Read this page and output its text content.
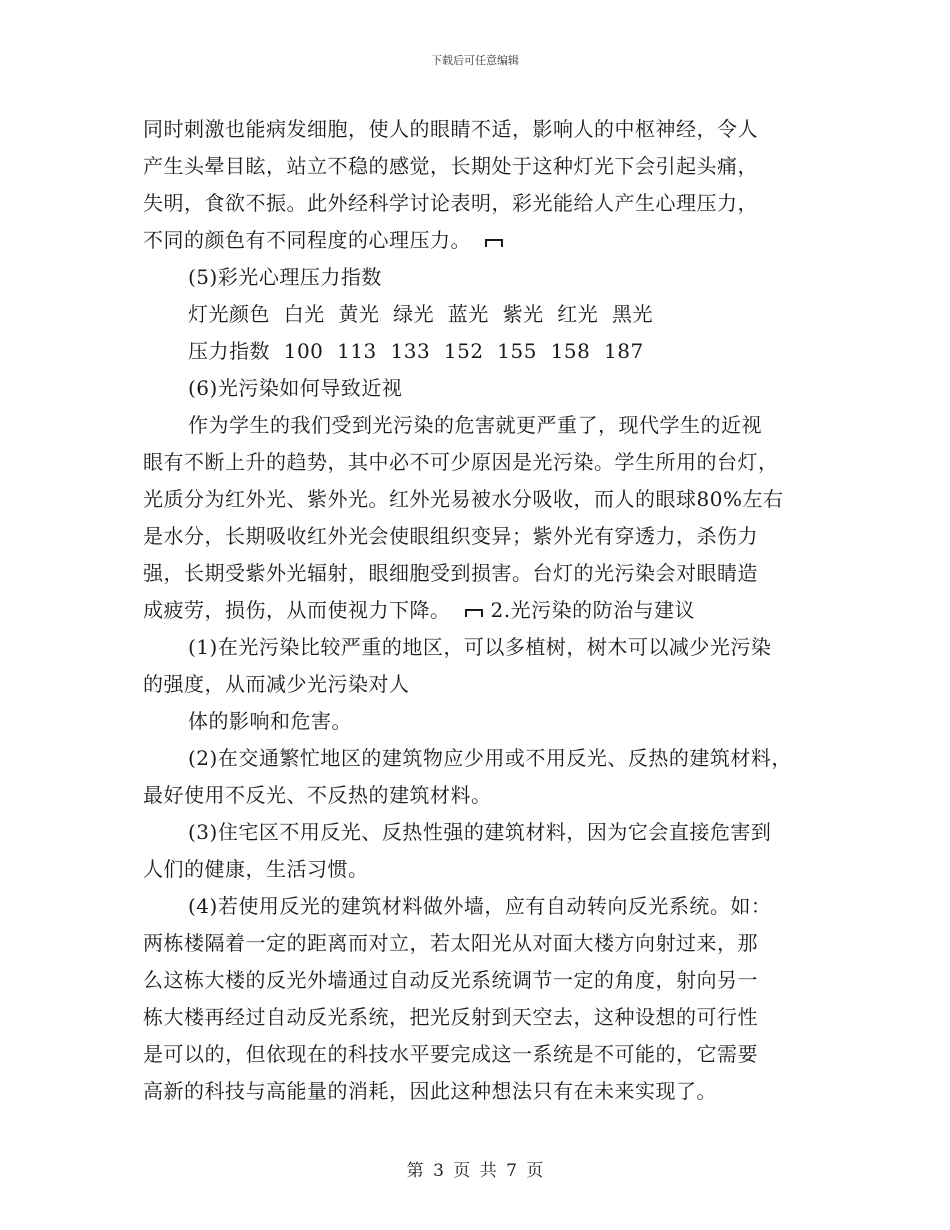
下载后可任意编辑
同时刺激也能病发细胞，使人的眼睛不适，影响人的中枢神经，令人
产生头晕目眩，站立不稳的感觉，长期处于这种灯光下会引起头痛，
失明，食欲不振。此外经科学讨论表明，彩光能给人产生心理压力，
不同的颜色有不同程度的心理压力。
(5)彩光心理压力指数
灯光颜色  白光  黄光  绿光  蓝光  紫光  红光  黑光
压力指数  100  113  133  152  155  158  187
(6)光污染如何导致近视
作为学生的我们受到光污染的危害就更严重了，现代学生的近视
眼有不断上升的趋势，其中必不可少原因是光污染。学生所用的台灯，
光质分为红外光、紫外光。红外光易被水分吸收，而人的眼球80%左右
是水分，长期吸收红外光会使眼组织变异；紫外光有穿透力，杀伤力
强，长期受紫外光辐射，眼细胞受到损害。台灯的光污染会对眼睛造
成疲劳，损伤，从而使视力下降。 2.光污染的防治与建议
(1)在光污染比较严重的地区，可以多植树，树木可以减少光污染
的强度，从而减少光污染对人
体的影响和危害。
(2)在交通繁忙地区的建筑物应少用或不用反光、反热的建筑材料，
最好使用不反光、不反热的建筑材料。
(3)住宅区不用反光、反热性强的建筑材料，因为它会直接危害到
人们的健康，生活习惯。
(4)若使用反光的建筑材料做外墙，应有自动转向反光系统。如：
两栋楼隔着一定的距离而对立，若太阳光从对面大楼方向射过来，那
么这栋大楼的反光外墙通过自动反光系统调节一定的角度，射向另一
栋大楼再经过自动反光系统，把光反射到天空去，这种设想的可行性
是可以的，但依现在的科技水平要完成这一系统是不可能的，它需要
高新的科技与高能量的消耗，因此这种想法只有在未来实现了。
第 3 页 共 7 页
